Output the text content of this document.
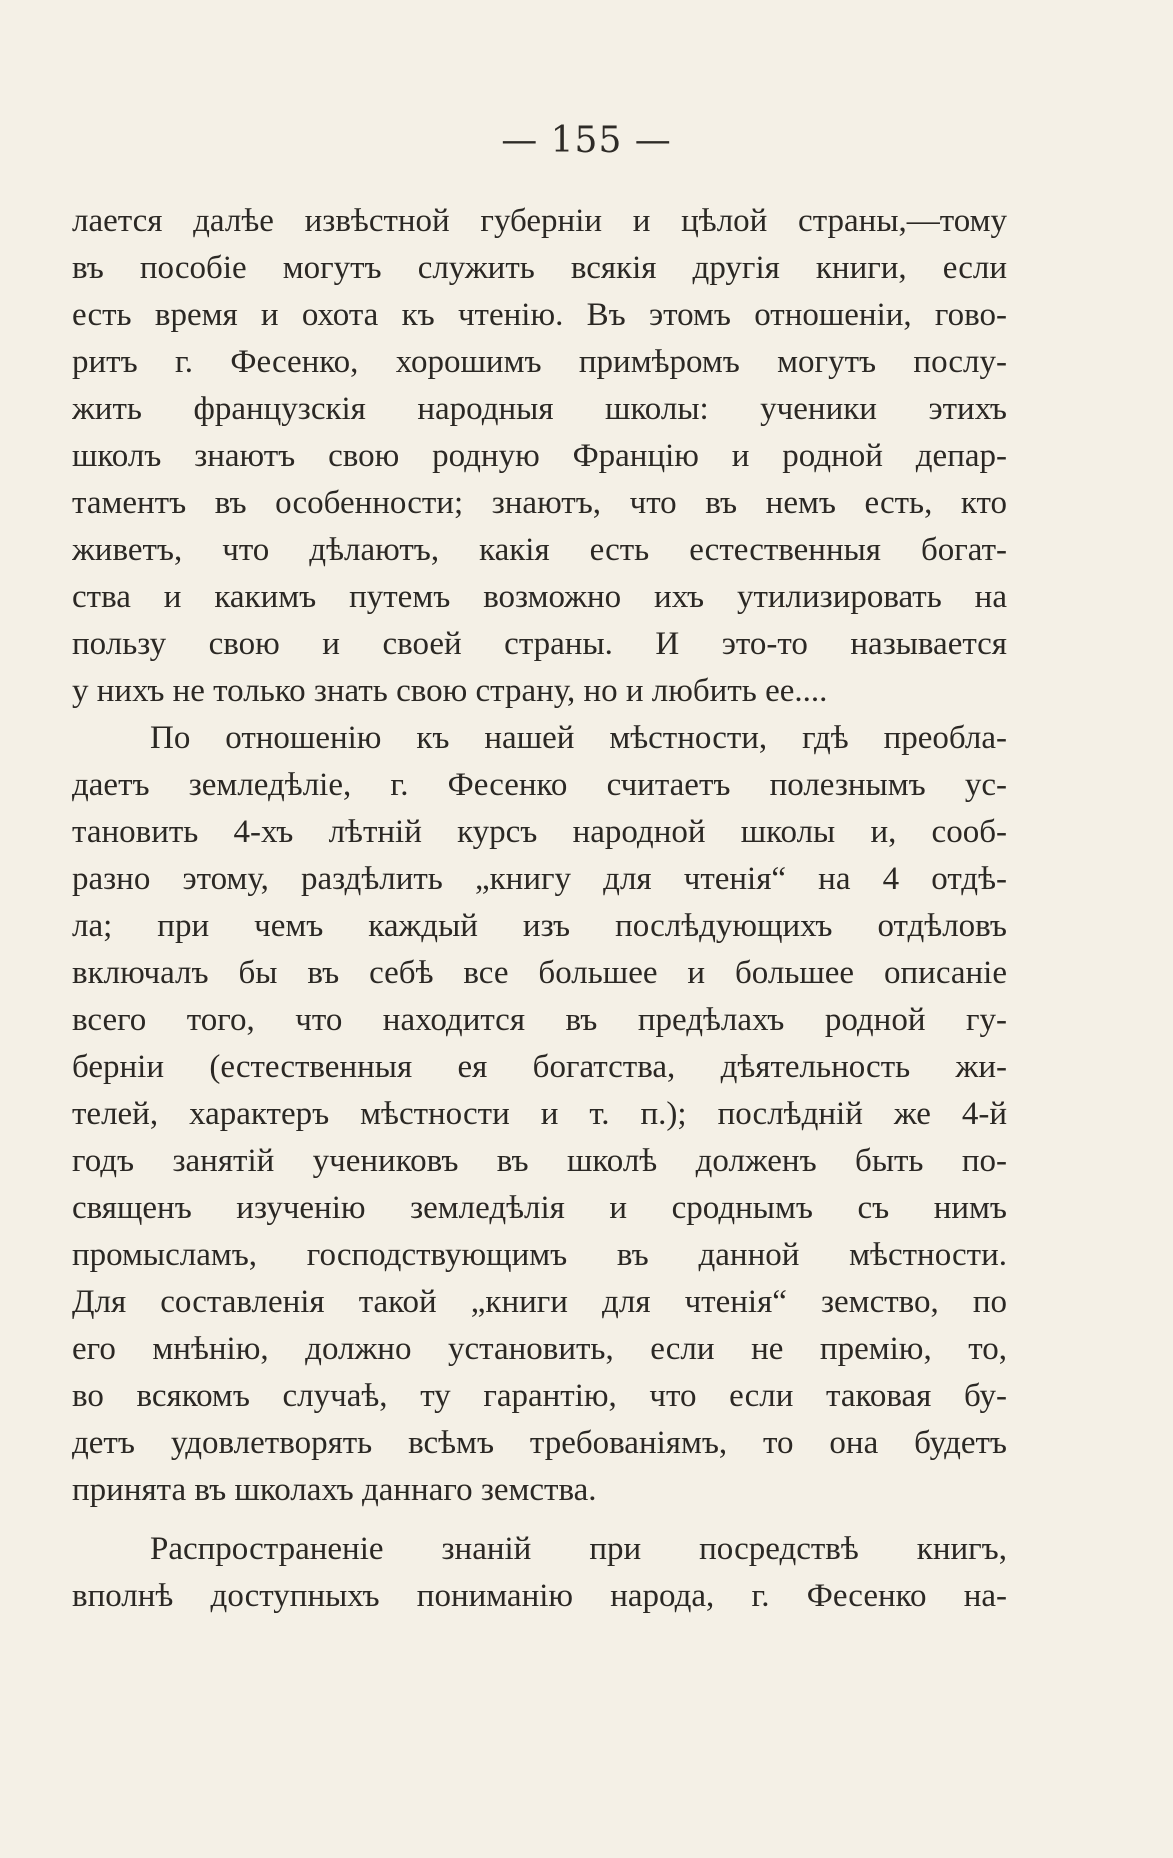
— 155 —
лается далѣе извѣстной губерніи и цѣлой страны,—тому
въ пособіе могутъ служить всякія другія книги, если
есть время и охота къ чтенію. Въ этомъ отношеніи, гово-
ритъ г. Фесенко, хорошимъ примѣромъ могутъ послу-
жить французскія народныя школы: ученики этихъ
школъ знаютъ свою родную Францію и родной депар-
таментъ въ особенности; знаютъ, что въ немъ есть, кто
живетъ, что дѣлаютъ, какія есть естественныя богат-
ства и какимъ путемъ возможно ихъ утилизировать на
пользу свою и своей страны. И это-то называется
у нихъ не только знать свою страну, но и любить ее....
По отношенію къ нашей мѣстности, гдѣ преобла-
даетъ земледѣліе, г. Фесенко считаетъ полезнымъ ус-
тановить 4-хъ лѣтній курсъ народной школы и, сооб-
разно этому, раздѣлить „книгу для чтенія“ на 4 отдѣ-
ла; при чемъ каждый изъ послѣдующихъ отдѣловъ
включалъ бы въ себѣ все большее и большее описаніе
всего того, что находится въ предѣлахъ родной гу-
берніи (естественныя ея богатства, дѣятельность жи-
телей, характеръ мѣстности и т. п.); послѣдній же 4-й
годъ занятій учениковъ въ школѣ долженъ быть по-
священъ изученію земледѣлія и сроднымъ съ нимъ
промысламъ, господствующимъ въ данной мѣстности.
Для составленія такой „книги для чтенія“ земство, по
его мнѣнію, должно установить, если не премію, то,
во всякомъ случаѣ, ту гарантію, что если таковая бу-
детъ удовлетворять всѣмъ требованіямъ, то она будетъ
принята въ школахъ даннаго земства.
Распространеніе знаній при посредствѣ книгъ,
вполнѣ доступныхъ пониманію народа, г. Фесенко на-
